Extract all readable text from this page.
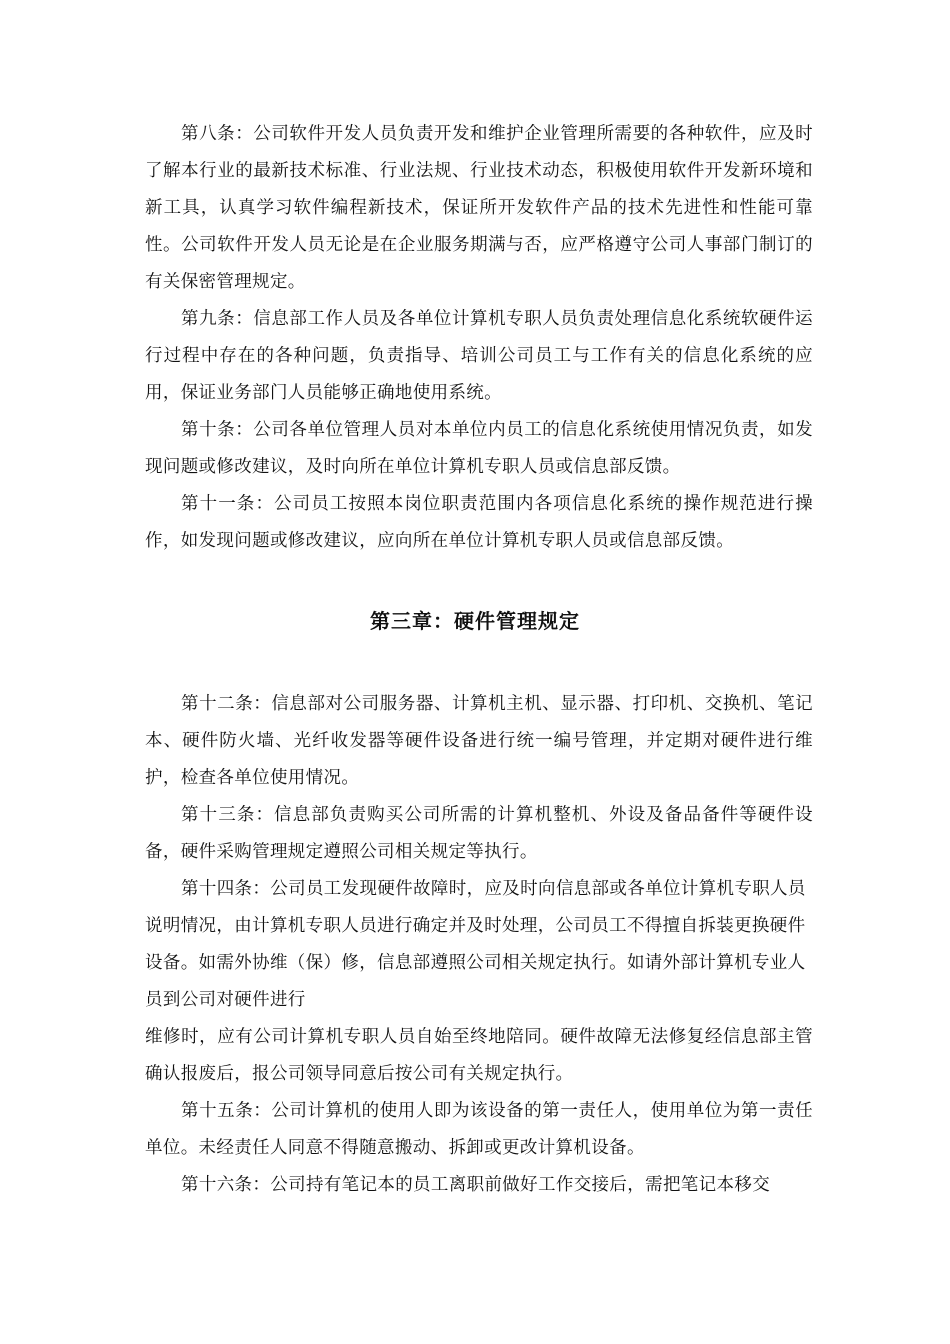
第八条：公司软件开发人员负责开发和维护企业管理所需要的各种软件，应及时了解本行业的最新技术标准、行业法规、行业技术动态，积极使用软件开发新环境和新工具，认真学习软件编程新技术，保证所开发软件产品的技术先进性和性能可靠性。公司软件开发人员无论是在企业服务期满与否，应严格遵守公司人事部门制订的有关保密管理规定。

第九条：信息部工作人员及各单位计算机专职人员负责处理信息化系统软硬件运行过程中存在的各种问题，负责指导、培训公司员工与工作有关的信息化系统的应用，保证业务部门人员能够正确地使用系统。

第十条：公司各单位管理人员对本单位内员工的信息化系统使用情况负责，如发现问题或修改建议，及时向所在单位计算机专职人员或信息部反馈。

第十一条：公司员工按照本岗位职责范围内各项信息化系统的操作规范进行操作，如发现问题或修改建议，应向所在单位计算机专职人员或信息部反馈。

第三章：硬件管理规定

第十二条：信息部对公司服务器、计算机主机、显示器、打印机、交换机、笔记本、硬件防火墙、光纤收发器等硬件设备进行统一编号管理，并定期对硬件进行维护，检查各单位使用情况。

第十三条：信息部负责购买公司所需的计算机整机、外设及备品备件等硬件设备，硬件采购管理规定遵照公司相关规定等执行。

第十四条：公司员工发现硬件故障时，应及时向信息部或各单位计算机专职人员说明情况，由计算机专职人员进行确定并及时处理，公司员工不得擅自拆装更换硬件设备。如需外协维（保）修，信息部遵照公司相关规定执行。如请外部计算机专业人员到公司对硬件进行

维修时，应有公司计算机专职人员自始至终地陪同。硬件故障无法修复经信息部主管确认报废后，报公司领导同意后按公司有关规定执行。

第十五条：公司计算机的使用人即为该设备的第一责任人，使用单位为第一责任单位。未经责任人同意不得随意搬动、拆卸或更改计算机设备。

第十六条：公司持有笔记本的员工离职前做好工作交接后，需把笔记本移交
